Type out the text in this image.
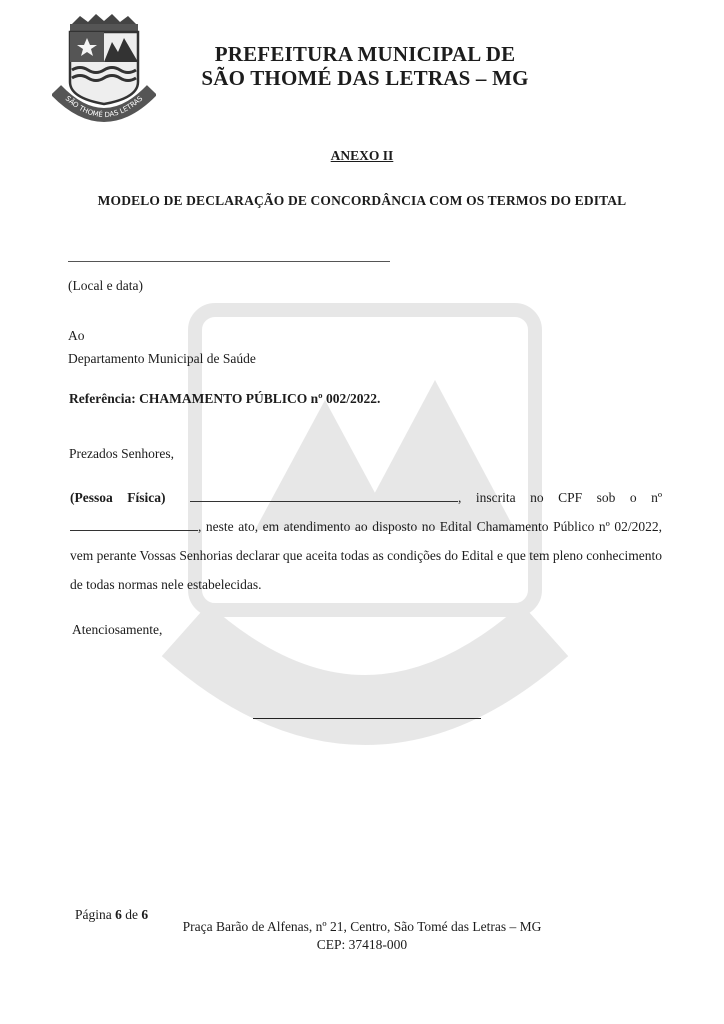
SÃO THOMÉ DAS LETRAS
PREFEITURA MUNICIPAL DE
SÃO THOMÉ DAS LETRAS – MG
ANEXO II
MODELO DE DECLARAÇÃO DE CONCORDÂNCIA COM OS TERMOS DO EDITAL
(Local e data)
Ao
Departamento Municipal de Saúde
Referência: CHAMAMENTO PÚBLICO nº 002/2022.
Prezados Senhores,
(Pessoa Física)	, inscrita no CPF sob o nº , neste ato, em atendimento ao disposto no Edital Chamamento Público nº 02/2022, vem perante Vossas Senhorias declarar que aceita todas as condições do Edital e que tem pleno conhecimento de todas normas nele estabelecidas.
Atenciosamente,
Página 6 de 6
Praça Barão de Alfenas, nº 21, Centro, São Tomé das Letras – MG
CEP: 37418-000
